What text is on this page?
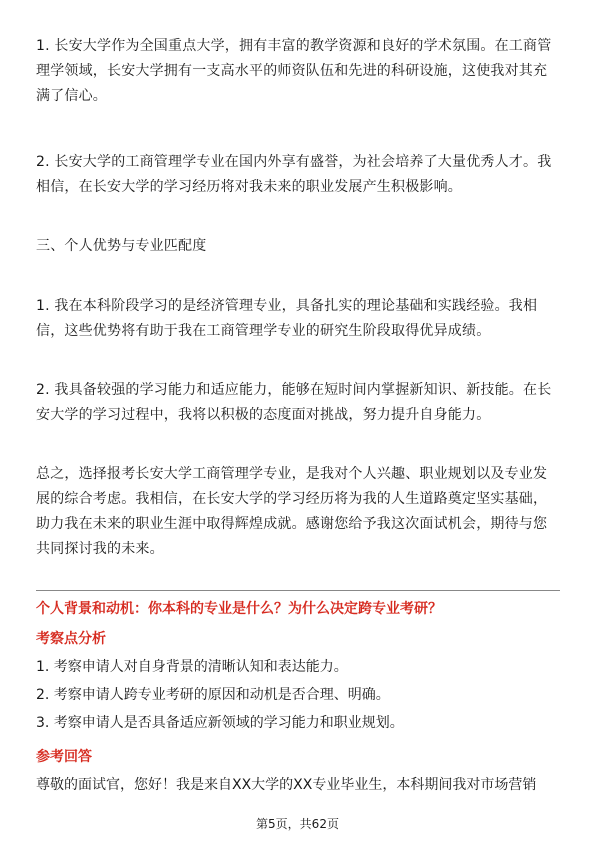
1. 长安大学作为全国重点大学，拥有丰富的教学资源和良好的学术氛围。在工商管理学领域，长安大学拥有一支高水平的师资队伍和先进的科研设施，这使我对其充满了信心。

2. 长安大学的工商管理学专业在国内外享有盛誉，为社会培养了大量优秀人才。我相信，在长安大学的学习经历将对我未来的职业发展产生积极影响。

三、个人优势与专业匹配度

1. 我在本科阶段学习的是经济管理专业，具备扎实的理论基础和实践经验。我相信，这些优势将有助于我在工商管理学专业的研究生阶段取得优异成绩。

2. 我具备较强的学习能力和适应能力，能够在短时间内掌握新知识、新技能。在长安大学的学习过程中，我将以积极的态度面对挑战，努力提升自身能力。

总之，选择报考长安大学工商管理学专业，是我对个人兴趣、职业规划以及专业发展的综合考虑。我相信，在长安大学的学习经历将为我的人生道路奠定坚实基础，助力我在未来的职业生涯中取得辉煌成就。感谢您给予我这次面试机会，期待与您共同探讨我的未来。

个人背景和动机：你本科的专业是什么？为什么决定跨专业考研？

考察点分析

1. 考察申请人对自身背景的清晰认知和表达能力。

2. 考察申请人跨专业考研的原因和动机是否合理、明确。

3. 考察申请人是否具备适应新领域的学习能力和职业规划。

参考回答

尊敬的面试官，您好！我是来自XX大学的XX专业毕业生，本科期间我对市场营销

第5页，共62页
